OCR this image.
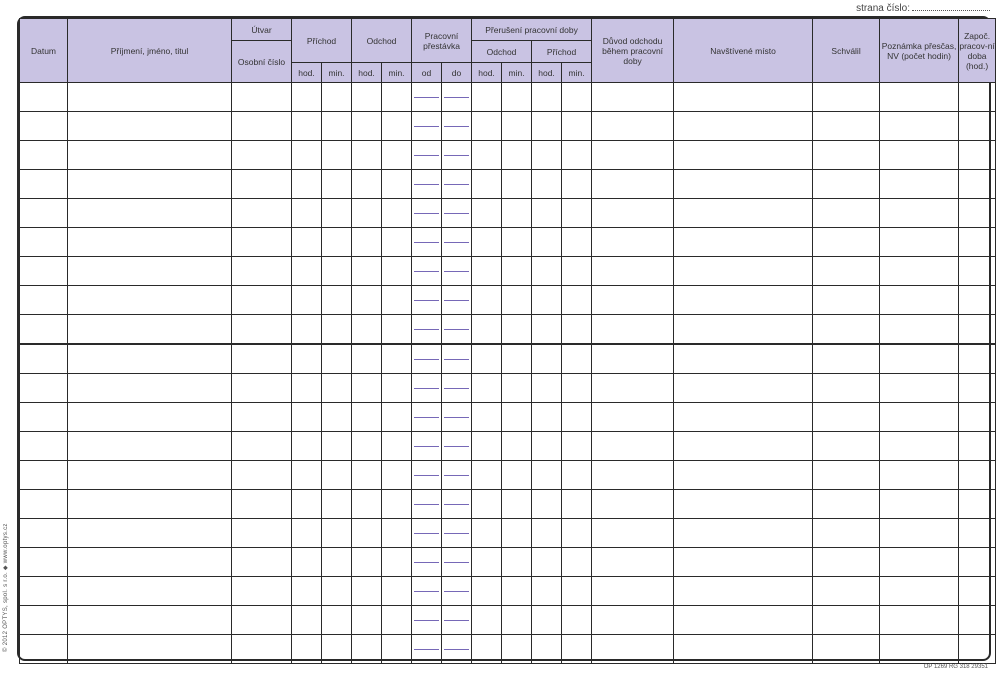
strana číslo:
Datum	Příjmení, jméno, titul	Útvar	Příchod		Odchod		Pracovní přestávka		Přerušení pracovní doby				Důvod odchodu během pracovní doby	Navštívené místo	Schválil	Poznámka přesčas, NV (počet hodin)	Započ. pracov-ní doba (hod.)
		Osobní číslo							Odchod		Příchod						
			hod.	min.	hod.	min.	od	do	hod.	min.	hod.	min.					

© 2012 OPTYS, spol. s r.o. ◆ www.optys.cz
OP 1269 RG 318 29351
